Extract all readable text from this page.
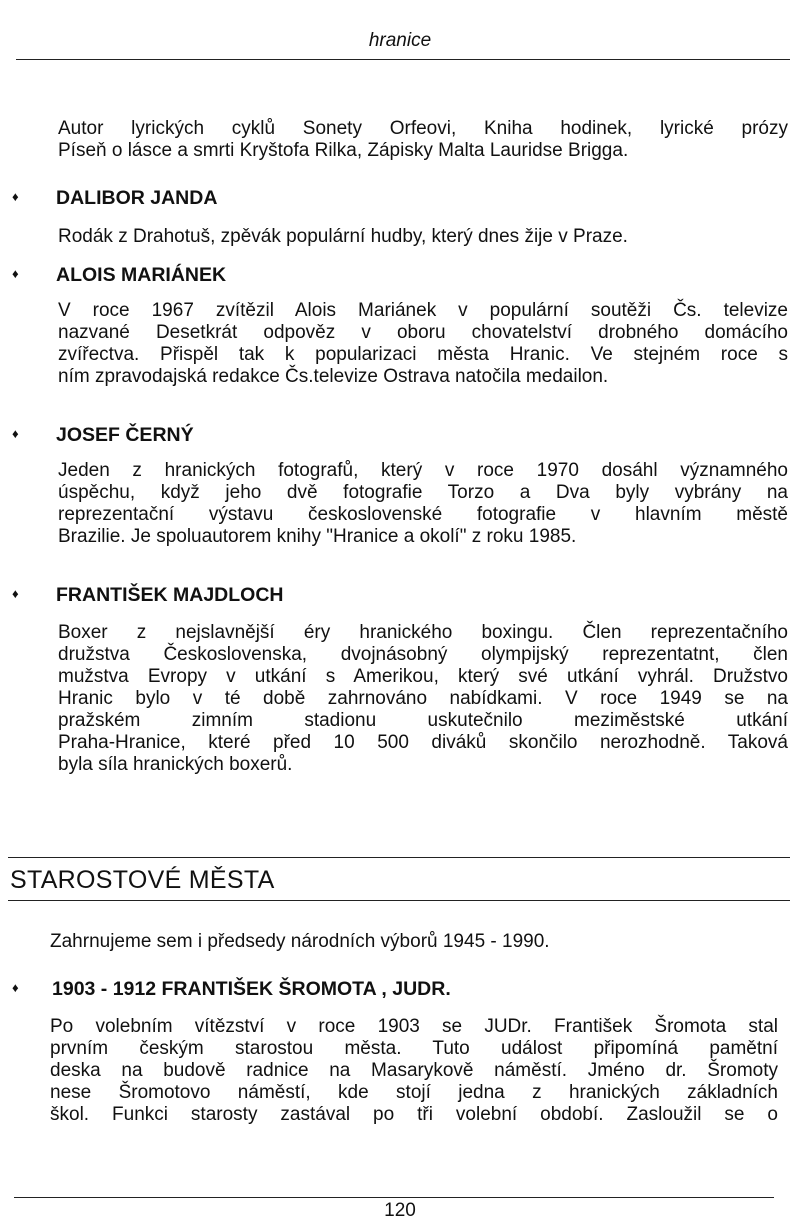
hranice
Autor lyrických cyklů Sonety Orfeovi, Kniha hodinek, lyrické prózy
Píseň o lásce a smrti Kryštofa Rilka, Zápisky Malta Lauridse Brigga.
♦ DALIBOR JANDA
Rodák z Drahotuš, zpěvák populární hudby, který dnes žije v Praze.
♦ ALOIS MARIÁNEK
V roce 1967 zvítězil Alois Mariánek v populární soutěži Čs. televize
nazvané Desetkrát odpověz v oboru chovatelství drobného domácího
zvířectva. Přispěl tak k popularizaci města Hranic. Ve stejném roce s
ním zpravodajská redakce Čs.televize Ostrava natočila medailon.
♦ JOSEF ČERNÝ
Jeden z hranických fotografů, který v roce 1970 dosáhl významného
úspěchu, když jeho dvě fotografie Torzo a Dva byly vybrány na
reprezentační výstavu československé fotografie v hlavním městě
Brazilie. Je spoluautorem knihy "Hranice a okolí" z roku 1985.
♦ FRANTIŠEK MAJDLOCH
Boxer z nejslavnější éry hranického boxingu. Člen reprezentačního
družstva Československa, dvojnásobný olympijský reprezentatnt, člen
mužstva Evropy v utkání s Amerikou, který své utkání vyhrál. Družstvo
Hranic bylo v té době zahrnováno nabídkami. V roce 1949 se na
pražském zimním stadionu uskutečnilo meziměstské utkání
Praha-Hranice, které před 10 500 diváků skončilo nerozhodně. Taková
byla síla hranických boxerů.
STAROSTOVÉ MĚSTA
Zahrnujeme sem i předsedy národních výborů 1945 - 1990.
♦ 1903 - 1912 FRANTIŠEK ŠROMOTA , JUDR.
Po volebním vítězství v roce 1903 se JUDr. František Šromota stal
prvním českým starostou města. Tuto událost připomíná pamětní
deska na budově radnice na Masarykově náměstí. Jméno dr. Šromoty
nese Šromotovo náměstí, kde stojí jedna z hranických základních
škol. Funkci starosty zastával po tři volební období. Zasloužil se o
120
